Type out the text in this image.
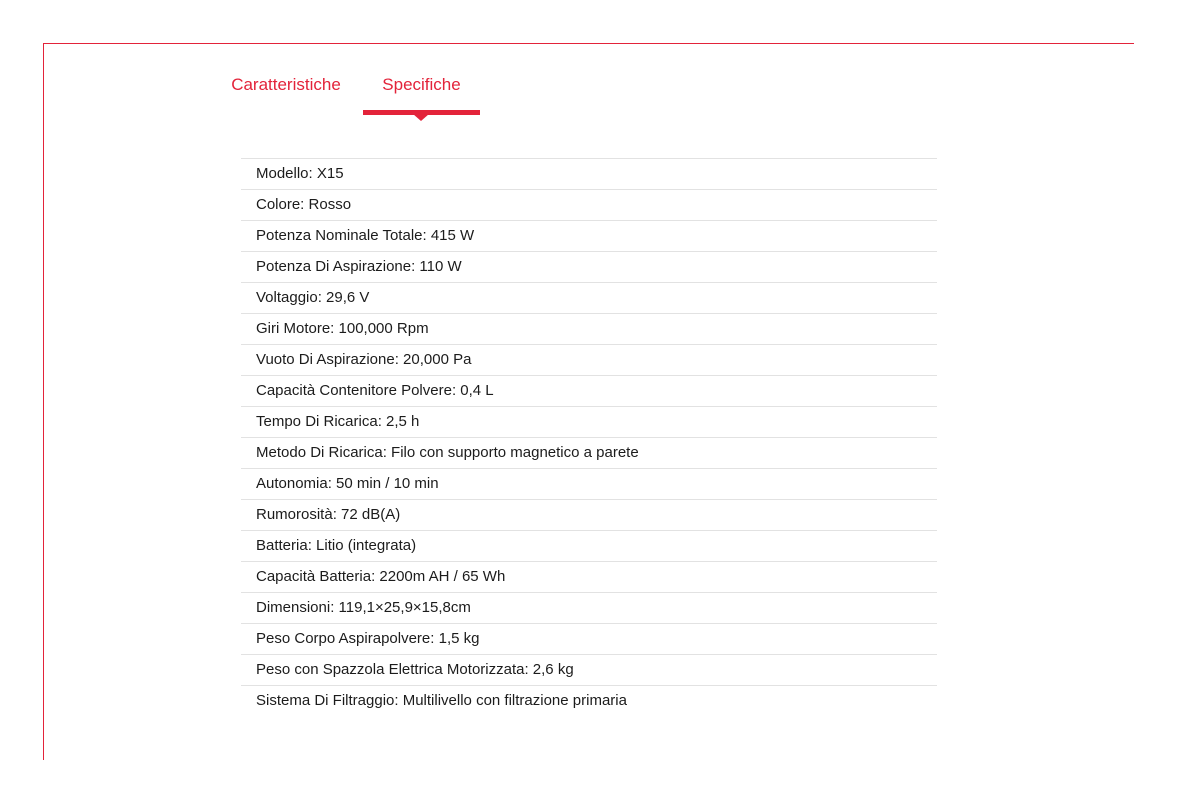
Caratteristiche	Specifiche
Modello: X15
Colore: Rosso
Potenza Nominale Totale: 415 W
Potenza Di Aspirazione: 110 W
Voltaggio: 29,6 V
Giri Motore: 100,000 Rpm
Vuoto Di Aspirazione: 20,000 Pa
Capacità Contenitore Polvere: 0,4 L
Tempo Di Ricarica: 2,5 h
Metodo Di Ricarica: Filo con supporto magnetico a parete
Autonomia: 50 min / 10 min
Rumorosità: 72 dB(A)
Batteria: Litio (integrata)
Capacità Batteria: 2200m AH / 65 Wh
Dimensioni: 119,1×25,9×15,8cm
Peso Corpo Aspirapolvere: 1,5 kg
Peso con Spazzola Elettrica Motorizzata: 2,6 kg
Sistema Di Filtraggio: Multilivello con filtrazione primaria
